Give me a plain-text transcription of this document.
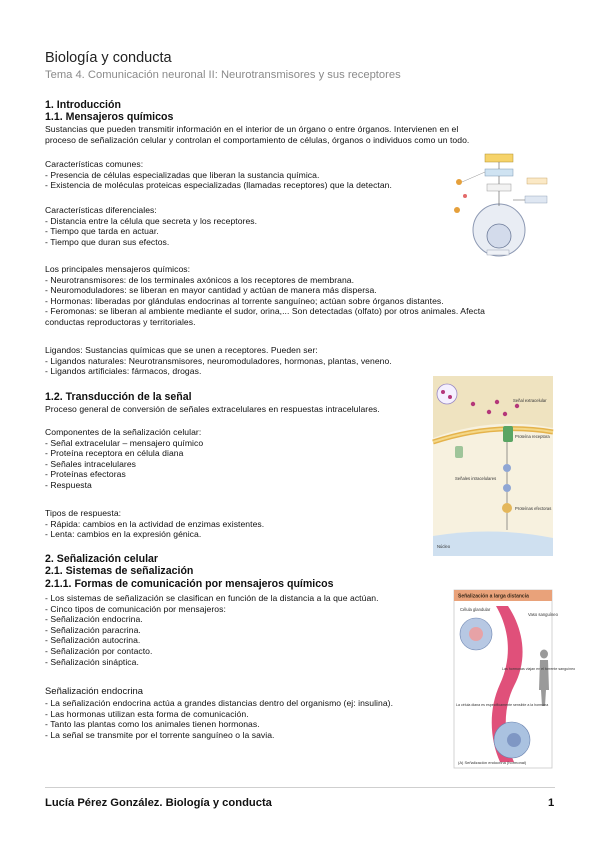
Biología y conducta
Tema 4. Comunicación neuronal II: Neurotransmisores y sus receptores
1. Introducción
1.1. Mensajeros químicos
Sustancias que pueden transmitir información en el interior de un órgano o entre órganos. Intervienen en el
proceso de señalización celular y controlan el comportamiento de células, órganos o individuos como un todo.
Características comunes:
- Presencia de células especializadas que liberan la sustancia química.
- Existencia de moléculas proteicas especializadas (llamadas receptores) que la detectan.
Características diferenciales:
- Distancia entre la célula que secreta y los receptores.
- Tiempo que tarda en actuar.
- Tiempo que duran sus efectos.
Los principales mensajeros químicos:
- Neurotransmisores: de los terminales axónicos a los receptores de membrana.
- Neuromoduladores: se liberan en mayor cantidad y actúan de manera más dispersa.
- Hormonas: liberadas por glándulas endocrinas al torrente sanguíneo; actúan sobre órganos distantes.
- Feromonas: se liberan al ambiente mediante el sudor, orina,... Son detectadas (olfato) por otros animales. Afecta
conductas reproductoras y territoriales.
Ligandos: Sustancias químicas que se unen a receptores. Pueden ser:
- Ligandos naturales: Neurotransmisores, neuromoduladores, hormonas, plantas, veneno.
- Ligandos artificiales: fármacos, drogas.
1.2. Transducción de la señal
Proceso general de conversión de señales extracelulares en respuestas intracelulares.
Componentes de la señalización celular:
- Señal extracelular – mensajero químico
- Proteína receptora en célula diana
- Señales intracelulares
- Proteínas efectoras
- Respuesta
Tipos de respuesta:
- Rápida: cambios en la actividad de enzimas existentes.
- Lenta: cambios en la expresión génica.
2. Señalización celular
2.1. Sistemas de señalización
2.1.1. Formas de comunicación por mensajeros químicos
- Los sistemas de señalización se clasifican en función de la distancia a la que actúan.
- Cinco tipos de comunicación por mensajeros:
- Señalización endocrina.
- Señalización paracrina.
- Señalización autocrina.
- Señalización por contacto.
- Señalización sináptica.
Señalización endocrina
- La señalización endocrina actúa a grandes distancias dentro del organismo (ej: insulina).
- Las hormonas utilizan esta forma de comunicación.
- Tanto las plantas como los animales tienen hormonas.
- La señal se transmite por el torrente sanguíneo o la savia.
Proteína receptora
Señal extracelular
Señales intracelulares
Proteínas efectoras
Núcleo
Señalización a larga distancia
Célula glandular
Vaso sanguíneo
Las hormonas viajan en el torrente sanguíneo
La célula diana es específicamente sensible a la hormona
(A) Señalización endocrina (hormonal)
Lucía Pérez González. Biología y conducta	1
